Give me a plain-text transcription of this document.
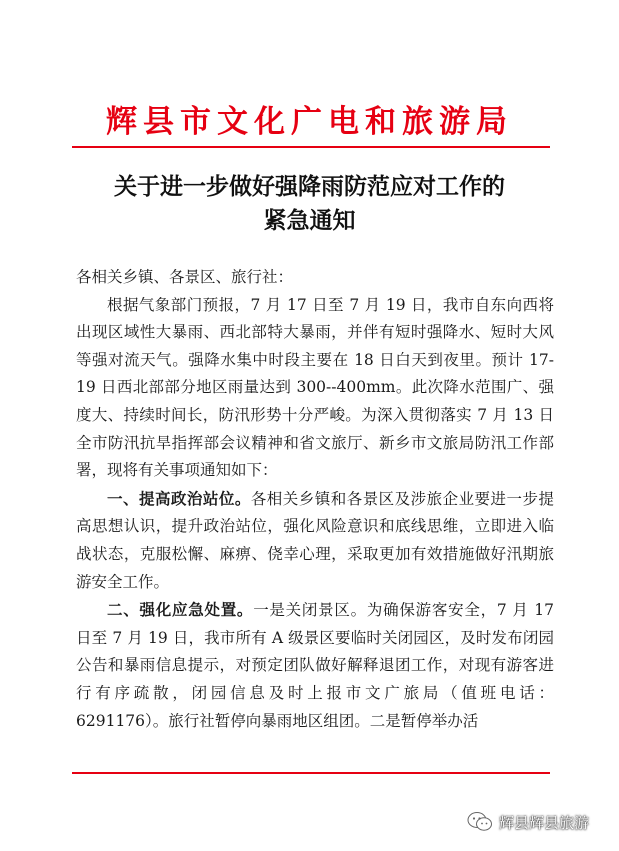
辉县市文化广电和旅游局
关于进一步做好强降雨防范应对工作的
紧急通知

各相关乡镇、各景区、旅行社：

根据气象部门预报，7 月 17 日至 7 月 19 日，我市自东向西将出现区域性大暴雨、西北部特大暴雨，并伴有短时强降水、短时大风等强对流天气。强降水集中时段主要在 18 日白天到夜里。预计 17-19 日西北部部分地区雨量达到 300--400mm。此次降水范围广、强度大、持续时间长，防汛形势十分严峻。为深入贯彻落实 7 月 13 日全市防汛抗旱指挥部会议精神和省文旅厅、新乡市文旅局防汛工作部署，现将有关事项通知如下：

一、提高政治站位。各相关乡镇和各景区及涉旅企业要进一步提高思想认识，提升政治站位，强化风险意识和底线思维，立即进入临战状态，克服松懈、麻痹、侥幸心理，采取更加有效措施做好汛期旅游安全工作。

二、强化应急处置。一是关闭景区。为确保游客安全，7 月 17 日至 7 月 19 日，我市所有 A 级景区要临时关闭园区，及时发布闭园公告和暴雨信息提示，对预定团队做好解释退团工作，对现有游客进行有序疏散，闭园信息及时上报市文广旅局（值班电话：6291176）。旅行社暂停向暴雨地区组团。二是暂停举办活

辉县辉县旅游
